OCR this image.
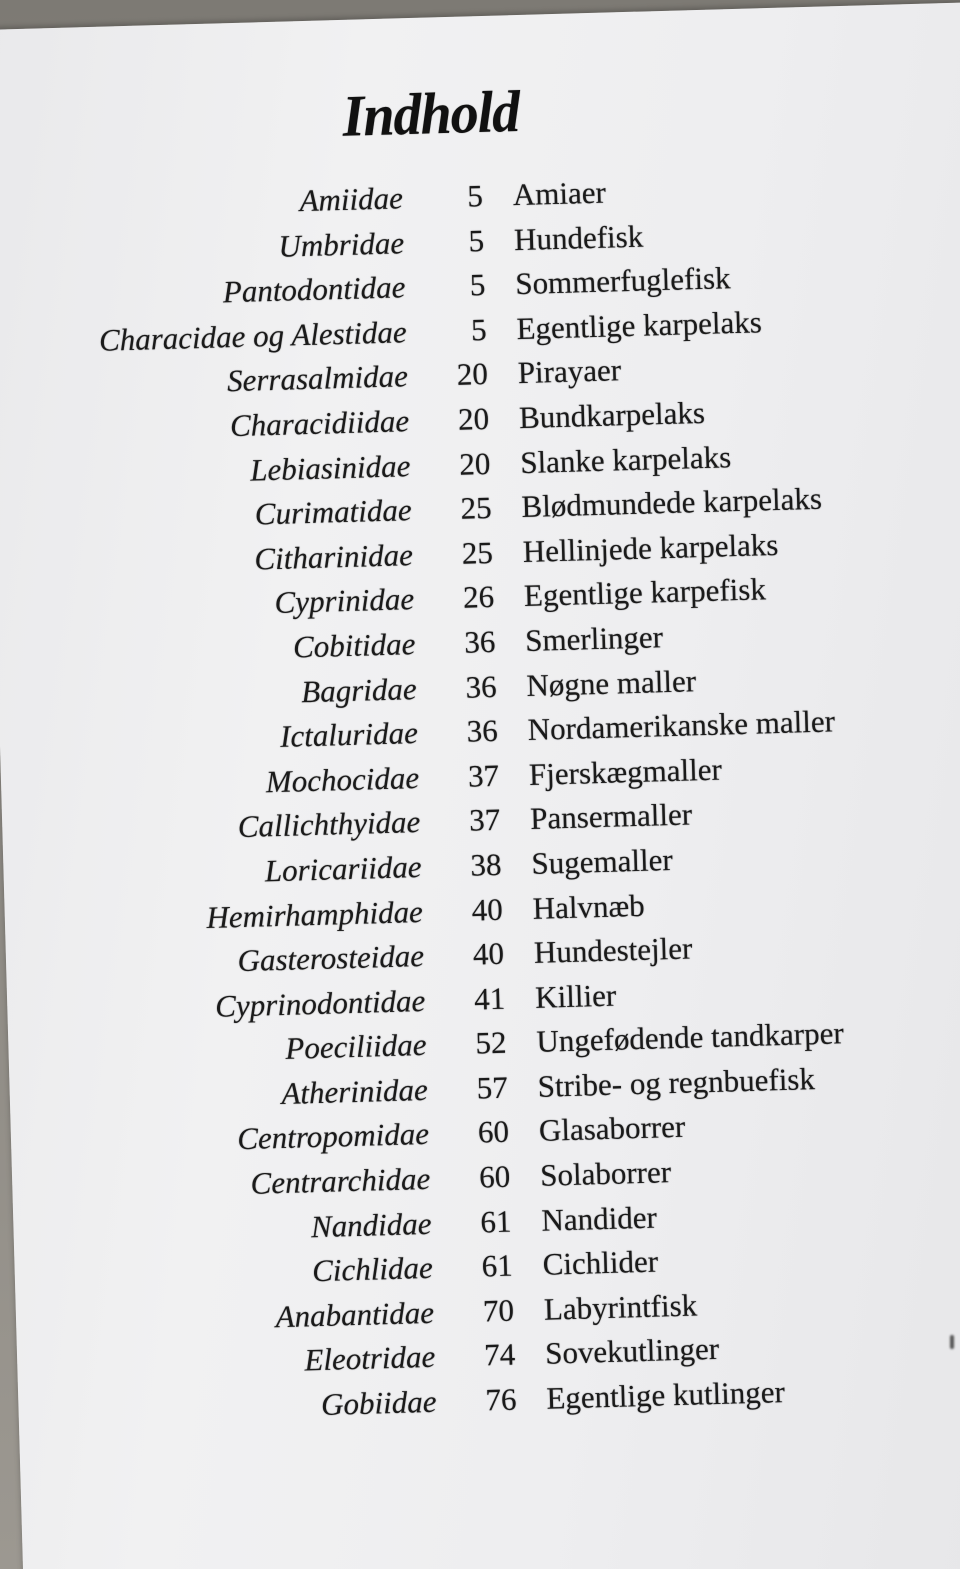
Indhold
Amiidae	5 Amiaer
Umbridae	5 Hundefisk
Pantodontidae	5 Sommerfuglefisk
Characidae og Alestidae	5 Egentlige karpelaks
Serrasalmidae	20 Pirayaer
Characidiidae	20 Bundkarpelaks
Lebiasinidae	20 Slanke karpelaks
Curimatidae	25 Blødmundede karpelaks
Citharinidae	25 Hellinjede karpelaks
Cyprinidae	26 Egentlige karpefisk
Cobitidae	36 Smerlinger
Bagridae	36 Nøgne maller
Ictaluridae	36 Nordamerikanske maller
Mochocidae	37 Fjerskægmaller
Callichthyidae	37 Pansermaller
Loricariidae	38 Sugemaller
Hemirhamphidae	40 Halvnæb
Gasterosteidae	40 Hundestejler
Cyprinodontidae	41 Killier
Poeciliidae	52 Ungefødende tandkarper
Atherinidae	57 Stribe- og regnbuefisk
Centropomidae	60 Glasaborrer
Centrarchidae	60 Solaborrer
Nandidae	61 Nandider
Cichlidae	61 Cichlider
Anabantidae	70 Labyrintfisk
Eleotridae	74 Sovekutlinger
Gobiidae	76 Egentlige kutlinger
